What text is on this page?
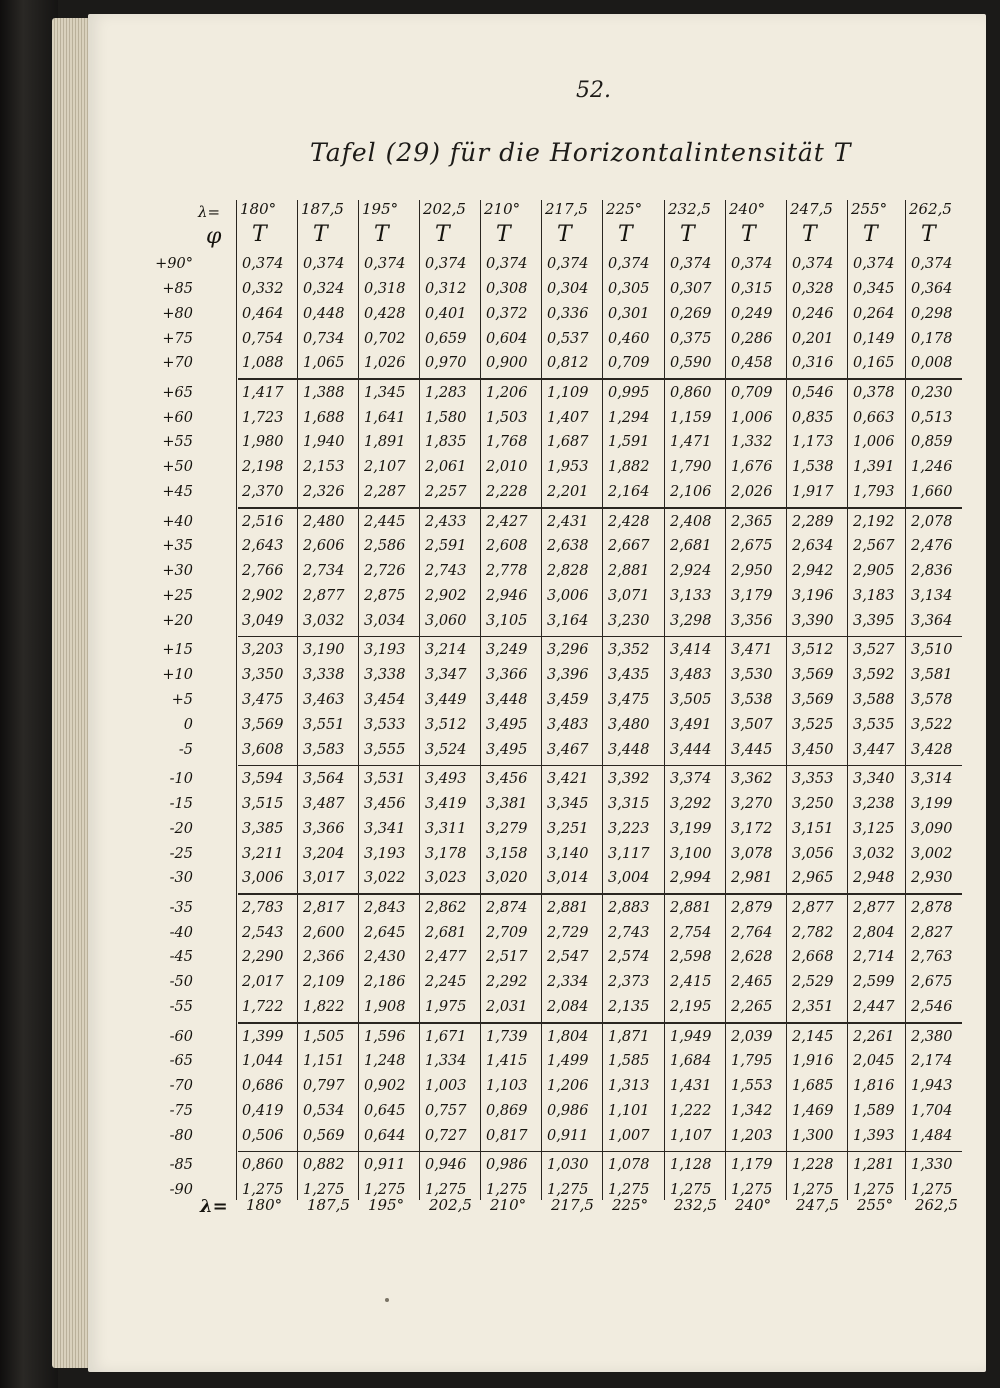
52.
Tafel (29) für die Horizontalintensität T
λ= 180° 187,5 195° 202,5 210° 217,5 225° 232,5 240° 247,5 255° 262,5
φ T T T T T T T T T T T T
+90°	0,374 0,374 0,374 0,374 0,374 0,374 0,374 0,374 0,374 0,374 0,374 0,374
+85	0,332 0,324 0,318 0,312 0,308 0,304 0,305 0,307 0,315 0,328 0,345 0,364
+80	0,464 0,448 0,428 0,401 0,372 0,336 0,301 0,269 0,249 0,246 0,264 0,298
+75	0,754 0,734 0,702 0,659 0,604 0,537 0,460 0,375 0,286 0,201 0,149 0,178
+70	1,088 1,065 1,026 0,970 0,900 0,812 0,709 0,590 0,458 0,316 0,165 0,008
+65	1,417 1,388 1,345 1,283 1,206 1,109 0,995 0,860 0,709 0,546 0,378 0,230
+60	1,723 1,688 1,641 1,580 1,503 1,407 1,294 1,159 1,006 0,835 0,663 0,513
+55	1,980 1,940 1,891 1,835 1,768 1,687 1,591 1,471 1,332 1,173 1,006 0,859
+50	2,198 2,153 2,107 2,061 2,010 1,953 1,882 1,790 1,676 1,538 1,391 1,246
+45	2,370 2,326 2,287 2,257 2,228 2,201 2,164 2,106 2,026 1,917 1,793 1,660
+40	2,516 2,480 2,445 2,433 2,427 2,431 2,428 2,408 2,365 2,289 2,192 2,078
+35	2,643 2,606 2,586 2,591 2,608 2,638 2,667 2,681 2,675 2,634 2,567 2,476
+30	2,766 2,734 2,726 2,743 2,778 2,828 2,881 2,924 2,950 2,942 2,905 2,836
+25	2,902 2,877 2,875 2,902 2,946 3,006 3,071 3,133 3,179 3,196 3,183 3,134
+20	3,049 3,032 3,034 3,060 3,105 3,164 3,230 3,298 3,356 3,390 3,395 3,364
+15	3,203 3,190 3,193 3,214 3,249 3,296 3,352 3,414 3,471 3,512 3,527 3,510
+10	3,350 3,338 3,338 3,347 3,366 3,396 3,435 3,483 3,530 3,569 3,592 3,581
+5	3,475 3,463 3,454 3,449 3,448 3,459 3,475 3,505 3,538 3,569 3,588 3,578
0	3,569 3,551 3,533 3,512 3,495 3,483 3,480 3,491 3,507 3,525 3,535 3,522
-5	3,608 3,583 3,555 3,524 3,495 3,467 3,448 3,444 3,445 3,450 3,447 3,428
-10	3,594 3,564 3,531 3,493 3,456 3,421 3,392 3,374 3,362 3,353 3,340 3,314
-15	3,515 3,487 3,456 3,419 3,381 3,345 3,315 3,292 3,270 3,250 3,238 3,199
-20	3,385 3,366 3,341 3,311 3,279 3,251 3,223 3,199 3,172 3,151 3,125 3,090
-25	3,211 3,204 3,193 3,178 3,158 3,140 3,117 3,100 3,078 3,056 3,032 3,002
-30	3,006 3,017 3,022 3,023 3,020 3,014 3,004 2,994 2,981 2,965 2,948 2,930
-35	2,783 2,817 2,843 2,862 2,874 2,881 2,883 2,881 2,879 2,877 2,877 2,878
-40	2,543 2,600 2,645 2,681 2,709 2,729 2,743 2,754 2,764 2,782 2,804 2,827
-45	2,290 2,366 2,430 2,477 2,517 2,547 2,574 2,598 2,628 2,668 2,714 2,763
-50	2,017 2,109 2,186 2,245 2,292 2,334 2,373 2,415 2,465 2,529 2,599 2,675
-55	1,722 1,822 1,908 1,975 2,031 2,084 2,135 2,195 2,265 2,351 2,447 2,546
-60	1,399 1,505 1,596 1,671 1,739 1,804 1,871 1,949 2,039 2,145 2,261 2,380
-65	1,044 1,151 1,248 1,334 1,415 1,499 1,585 1,684 1,795 1,916 2,045 2,174
-70	0,686 0,797 0,902 1,003 1,103 1,206 1,313 1,431 1,553 1,685 1,816 1,943
-75	0,419 0,534 0,645 0,757 0,869 0,986 1,101 1,222 1,342 1,469 1,589 1,704
-80	0,506 0,569 0,644 0,727 0,817 0,911 1,007 1,107 1,203 1,300 1,393 1,484
-85	0,860 0,882 0,911 0,946 0,986 1,030 1,078 1,128 1,179 1,228 1,281 1,330
-90	1,275 1,275 1,275 1,275 1,275 1,275 1,275 1,275 1,275 1,275 1,275 1,275
λ= 180° 187,5 195° 202,5 210° 217,5 225° 232,5 240° 247,5 255° 262,5
